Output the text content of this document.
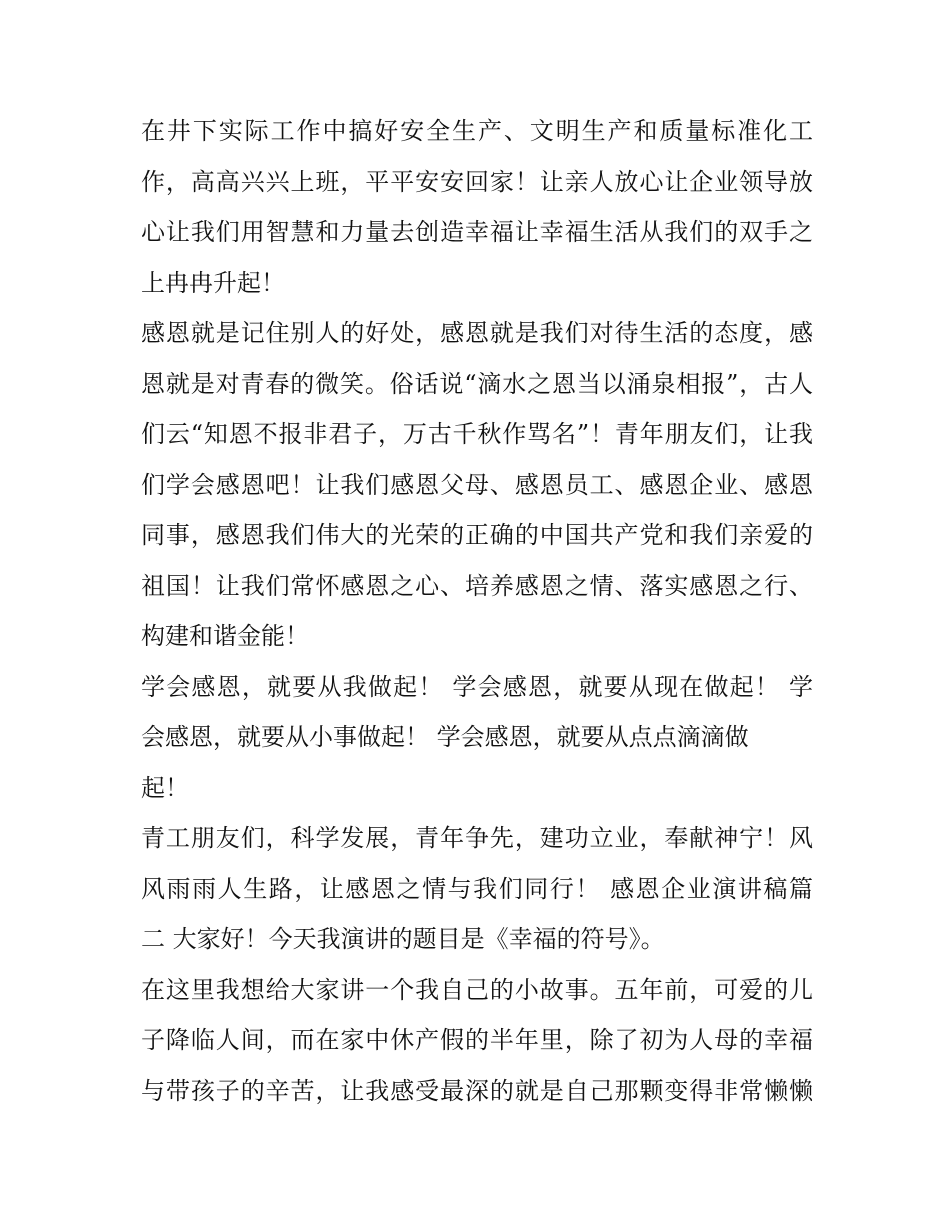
在井下实际工作中搞好安全生产、文明生产和质量标准化工
作，高高兴兴上班，平平安安回家！让亲人放心让企业领导放
心让我们用智慧和力量去创造幸福让幸福生活从我们的双手之
上冉冉升起！
感恩就是记住别人的好处，感恩就是我们对待生活的态度，感
恩就是对青春的微笑。俗话说“滴水之恩当以涌泉相报”，古人
们云“知恩不报非君子，万古千秋作骂名”！青年朋友们，让我
们学会感恩吧！让我们感恩父母、感恩员工、感恩企业、感恩
同事，感恩我们伟大的光荣的正确的中国共产党和我们亲爱的
祖国！让我们常怀感恩之心、培养感恩之情、落实感恩之行、
构建和谐金能！
学会感恩，就要从我做起！ 学会感恩，就要从现在做起！ 学
会感恩，就要从小事做起！ 学会感恩，就要从点点滴滴做
起！
青工朋友们，科学发展，青年争先，建功立业，奉献神宁！风
风雨雨人生路，让感恩之情与我们同行！ 感恩企业演讲稿篇
二 大家好！今天我演讲的题目是《幸福的符号》。
在这里我想给大家讲一个我自己的小故事。五年前，可爱的儿
子降临人间，而在家中休产假的半年里，除了初为人母的幸福
与带孩子的辛苦，让我感受最深的就是自己那颗变得非常懒懒
